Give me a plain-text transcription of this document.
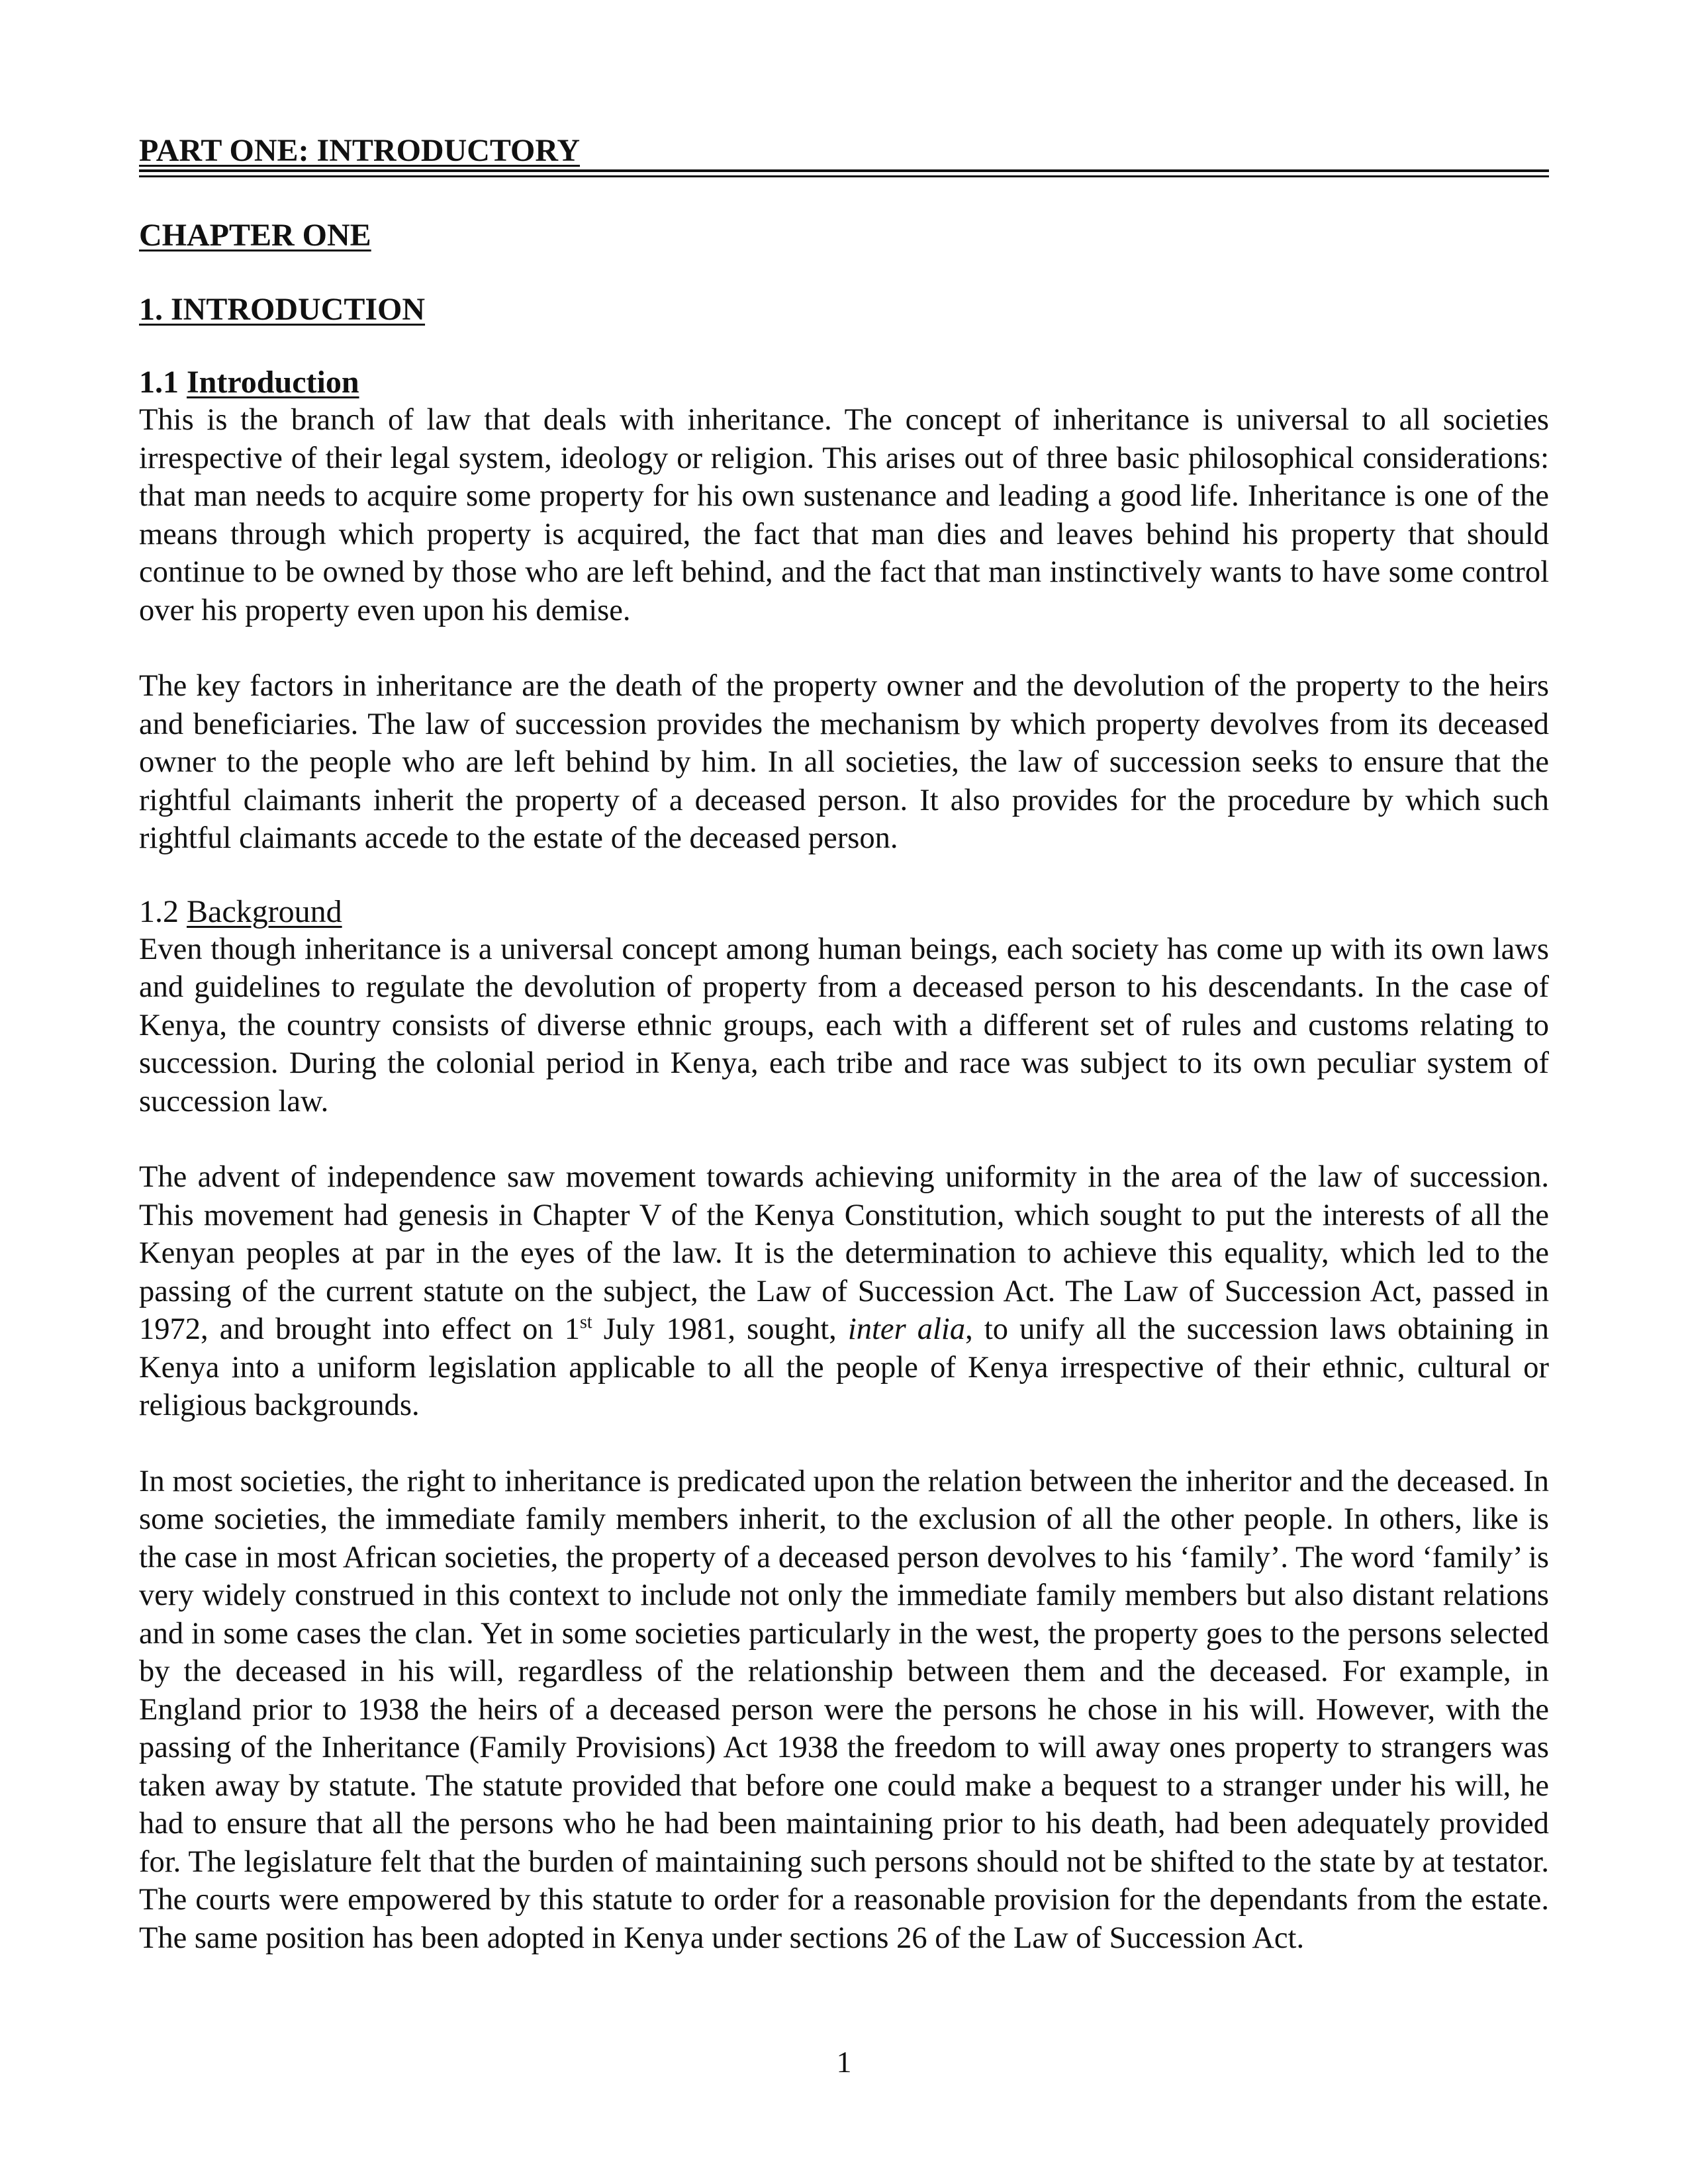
PART ONE: INTRODUCTORY
CHAPTER ONE
1. INTRODUCTION
1.1 Introduction

This is the branch of law that deals with inheritance. The concept of inheritance is universal to all societies irrespective of their legal system, ideology or religion. This arises out of three basic philosophical considerations: that man needs to acquire some property for his own sustenance and leading a good life. Inheritance is one of the means through which property is acquired, the fact that man dies and leaves behind his property that should continue to be owned by those who are left behind, and the fact that man instinctively wants to have some control over his property even upon his demise.

The key factors in inheritance are the death of the property owner and the devolution of the property to the heirs and beneficiaries. The law of succession provides the mechanism by which property devolves from its deceased owner to the people who are left behind by him. In all societies, the law of succession seeks to ensure that the rightful claimants inherit the property of a deceased person. It also provides for the procedure by which such rightful claimants accede to the estate of the deceased person.

1.2 Background

Even though inheritance is a universal concept among human beings, each society has come up with its own laws and guidelines to regulate the devolution of property from a deceased person to his descendants. In the case of Kenya, the country consists of diverse ethnic groups, each with a different set of rules and customs relating to succession. During the colonial period in Kenya, each tribe and race was subject to its own peculiar system of succession law.

The advent of independence saw movement towards achieving uniformity in the area of the law of succession. This movement had genesis in Chapter V of the Kenya Constitution, which sought to put the interests of all the Kenyan peoples at par in the eyes of the law. It is the determination to achieve this equality, which led to the passing of the current statute on the subject, the Law of Succession Act. The Law of Succession Act, passed in 1972, and brought into effect on 1st July 1981, sought, inter alia, to unify all the succession laws obtaining in Kenya into a uniform legislation applicable to all the people of Kenya irrespective of their ethnic, cultural or religious backgrounds.

In most societies, the right to inheritance is predicated upon the relation between the inheritor and the deceased. In some societies, the immediate family members inherit, to the exclusion of all the other people. In others, like is the case in most African societies, the property of a deceased person devolves to his ‘family’. The word ‘family’ is very widely construed in this context to include not only the immediate family members but also distant relations and in some cases the clan. Yet in some societies particularly in the west, the property goes to the persons selected by the deceased in his will, regardless of the relationship between them and the deceased. For example, in England prior to 1938 the heirs of a deceased person were the persons he chose in his will. However, with the passing of the Inheritance (Family Provisions) Act 1938 the freedom to will away ones property to strangers was taken away by statute. The statute provided that before one could make a bequest to a stranger under his will, he had to ensure that all the persons who he had been maintaining prior to his death, had been adequately provided for. The legislature felt that the burden of maintaining such persons should not be shifted to the state by at testator. The courts were empowered by this statute to order for a reasonable provision for the dependants from the estate. The same position has been adopted in Kenya under sections 26 of the Law of Succession Act.

1
